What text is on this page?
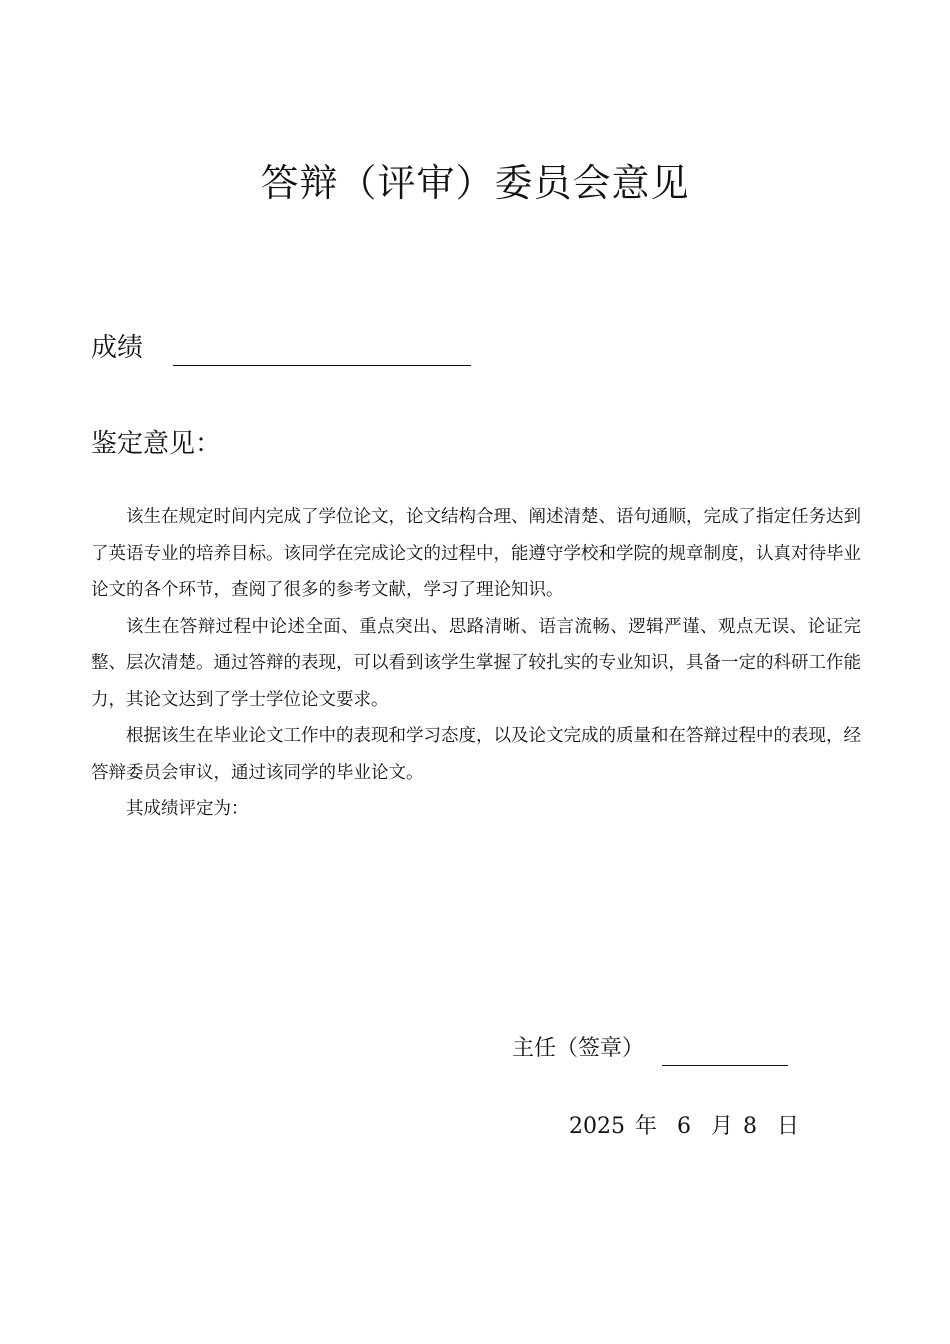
答辩（评审）委员会意见
成绩
鉴定意见：

该生在规定时间内完成了学位论文，论文结构合理、阐述清楚、语句通顺，完成了指定任务达到了英语专业的培养目标。该同学在完成论文的过程中，能遵守学校和学院的规章制度，认真对待毕业论文的各个环节，查阅了很多的参考文献，学习了理论知识。

该生在答辩过程中论述全面、重点突出、思路清晰、语言流畅、逻辑严谨、观点无误、论证完整、层次清楚。通过答辩的表现，可以看到该学生掌握了较扎实的专业知识，具备一定的科研工作能力，其论文达到了学士学位论文要求。

根据该生在毕业论文工作中的表现和学习态度，以及论文完成的质量和在答辩过程中的表现，经答辩委员会审议，通过该同学的毕业论文。

其成绩评定为：

主任（签章）
2025 年 6 月 8 日
